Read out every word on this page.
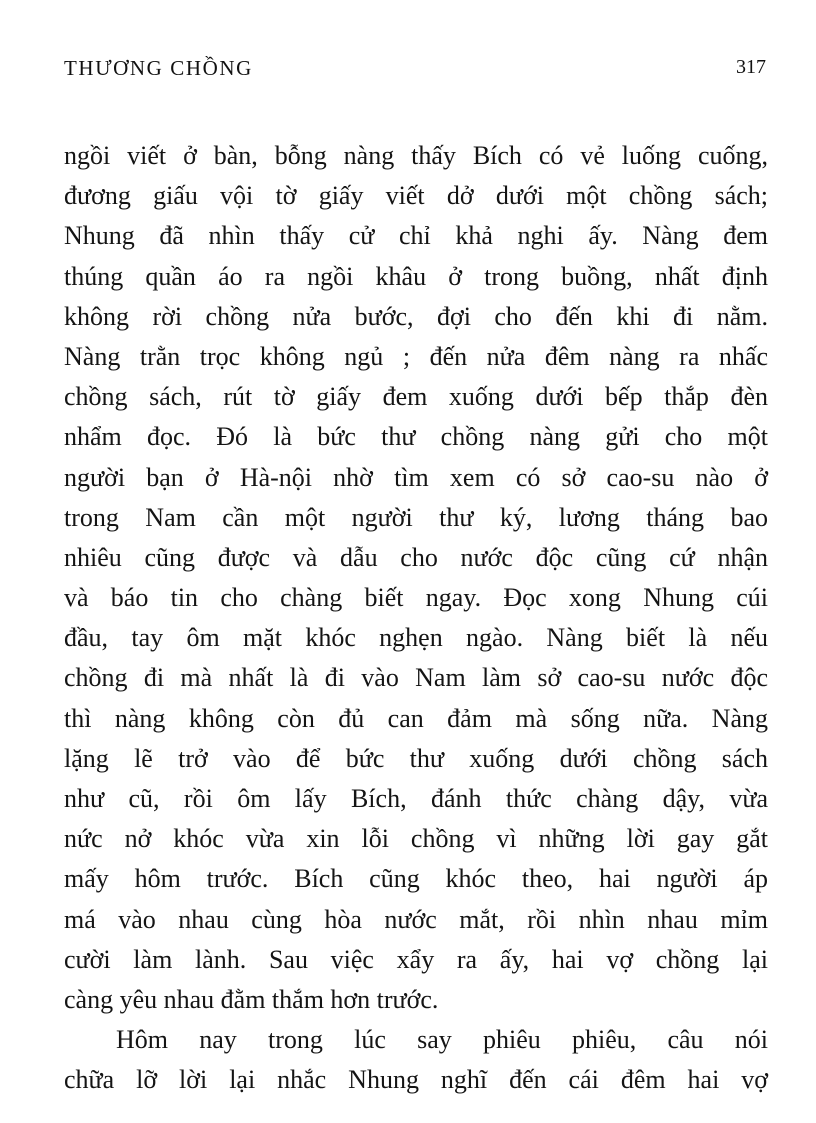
THƯƠNG CHỒNG	317
ngồi viết ở bàn, bỗng nàng thấy Bích có vẻ luống cuống,
đương giấu vội tờ giấy viết dở dưới một chồng sách;
Nhung đã nhìn thấy cử chỉ khả nghi ấy. Nàng đem
thúng quần áo ra ngồi khâu ở trong buồng, nhất định
không rời chồng nửa bước, đợi cho đến khi đi nằm.
Nàng trằn trọc không ngủ ; đến nửa đêm nàng ra nhấc
chồng sách, rút tờ giấy đem xuống dưới bếp thắp đèn
nhẩm đọc. Đó là bức thư chồng nàng gửi cho một
người bạn ở Hà-nội nhờ tìm xem có sở cao-su nào ở
trong Nam cần một người thư ký, lương tháng bao
nhiêu cũng được và dẫu cho nước độc cũng cứ nhận
và báo tin cho chàng biết ngay. Đọc xong Nhung cúi
đầu, tay ôm mặt khóc nghẹn ngào. Nàng biết là nếu
chồng đi mà nhất là đi vào Nam làm sở cao-su nước độc
thì nàng không còn đủ can đảm mà sống nữa. Nàng
lặng lẽ trở vào để bức thư xuống dưới chồng sách
như cũ, rồi ôm lấy Bích, đánh thức chàng dậy, vừa
nức nở khóc vừa xin lỗi chồng vì những lời gay gắt
mấy hôm trước. Bích cũng khóc theo, hai người áp
má vào nhau cùng hòa nước mắt, rồi nhìn nhau mỉm
cười làm lành. Sau việc xẩy ra ấy, hai vợ chồng lại
càng yêu nhau đằm thắm hơn trước.
Hôm nay trong lúc say phiêu phiêu, câu nói
chữa lỡ lời lại nhắc Nhung nghĩ đến cái đêm hai vợ
